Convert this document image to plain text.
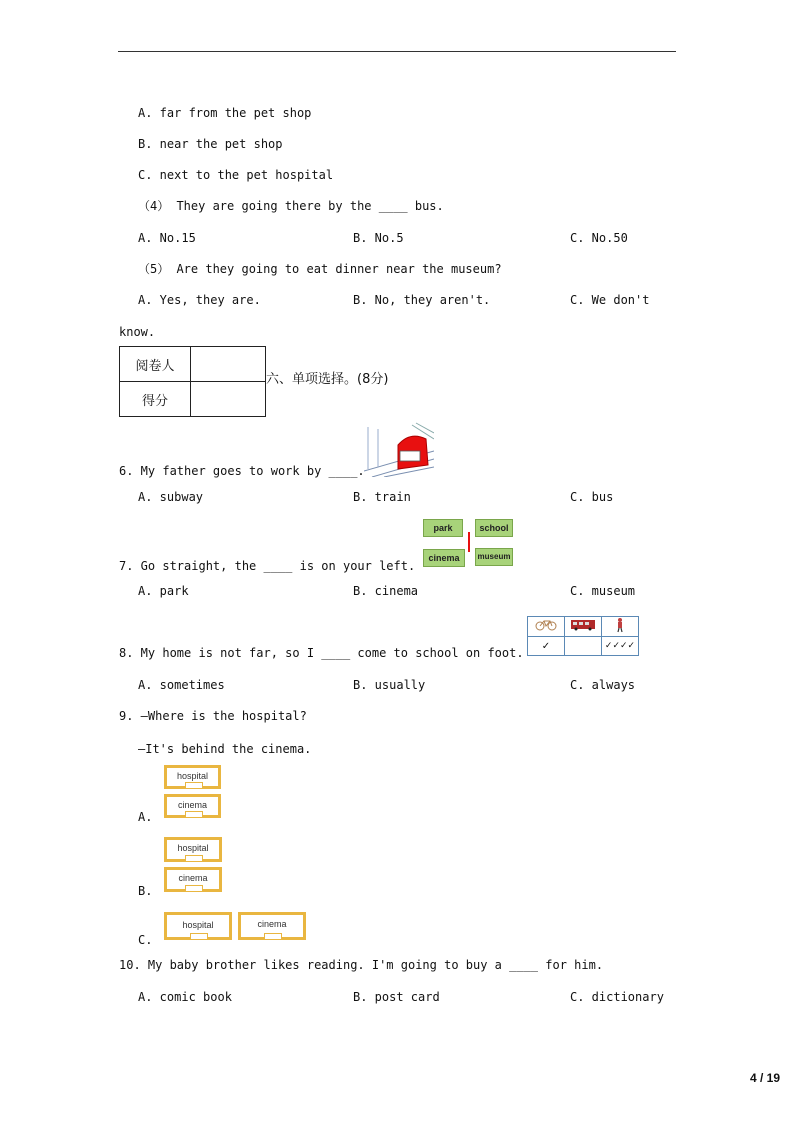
A. far from the pet shop
B. near the pet shop
C. next to the pet hospital
（4） They are going there by the ____ bus.
A. No.15	B. No.5	C. No.50
（5） Are they going to eat dinner near the museum?
A. Yes, they are.	B. No, they aren't.	C. We don't
know.
阅卷人	
得分	
六、单项选择。(8分)
6. My father goes to work by ____.
A. subway	B. train	C. bus
park	school
cinema	museum
7. Go straight, the ____ is on your left.
A. park	B. cinema	C. museum

✓		✓✓✓✓
8. My home is not far, so I ____ come to school on foot.
A. sometimes	B. usually	C. always
9. —Where is the hospital?
—It's behind the cinema.
hospital
cinema
A.
hospital
cinema
B.
hospital	cinema
C.
10. My baby brother likes reading. I'm going to buy a ____ for him.
A. comic book	B. post card	C. dictionary
4 / 19
